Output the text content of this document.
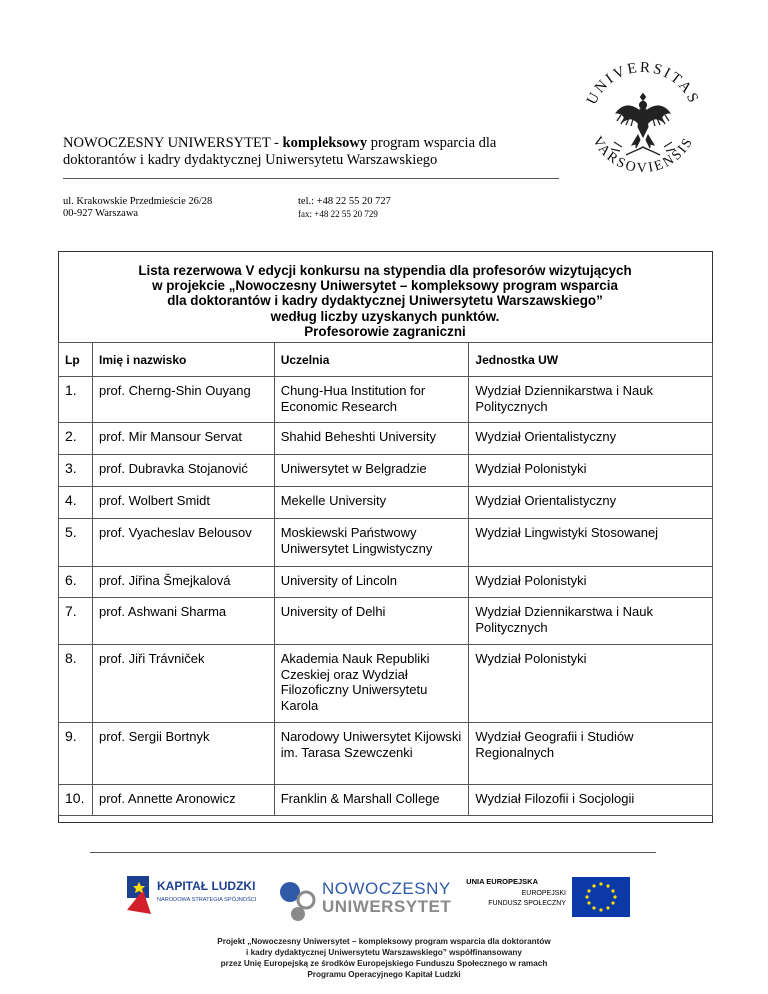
NOWOCZESNY UNIWERSYTET - kompleksowy program wsparcia dla doktorantów i kadry dydaktycznej Uniwersytetu Warszawskiego
ul. Krakowskie Przedmieście 26/28
00-927 Warszawa
tel.: +48 22 55 20 727
fax: +48 22 55 20 729
UNIVERSITAS
VARSOVIENSIS
Lista rezerwowa V edycji konkursu na stypendia dla profesorów wizytujących
w projekcie „Nowoczesny Uniwersytet – kompleksowy program wsparcia
dla doktorantów i kadry dydaktycznej Uniwersytetu Warszawskiego”
według liczby uzyskanych punktów.
Profesorowie zagraniczni
Lp	Imię i nazwisko	Uczelnia	Jednostka UW
1.	prof. Cherng-Shin Ouyang	Chung-Hua Institution for Economic Research	Wydział Dziennikarstwa i Nauk Politycznych
2.	prof. Mir Mansour Servat	Shahid Beheshti University	Wydział Orientalistyczny
3.	prof. Dubravka Stojanović	Uniwersytet w Belgradzie	Wydział Polonistyki
4.	prof. Wolbert Smidt	Mekelle University	Wydział Orientalistyczny
5.	prof. Vyacheslav Belousov	Moskiewski Państwowy Uniwersytet Lingwistyczny	Wydział Lingwistyki Stosowanej
6.	prof. Jiřina Šmejkalová	University of Lincoln	Wydział Polonistyki
7.	prof. Ashwani Sharma	University of Delhi	Wydział Dziennikarstwa i Nauk Politycznych
8.	prof. Jiři Trávniček	Akademia Nauk Republiki Czeskiej oraz Wydział Filozoficzny Uniwersytetu Karola	Wydział Polonistyki
9.	prof. Sergii Bortnyk	Narodowy Uniwersytet Kijowski im. Tarasa Szewczenki	Wydział Geografii i Studiów Regionalnych
10.	prof. Annette Aronowicz	Franklin & Marshall College	Wydział Filozofii i Socjologii
KAPITAŁ LUDZKI
NARODOWA STRATEGIA SPÓJNOŚCI
NOWOCZESNY
UNIWERSYTET
UNIA EUROPEJSKA
EUROPEJSKI
FUNDUSZ SPOŁECZNY
Projekt „Nowoczesny Uniwersytet – kompleksowy program wsparcia dla doktorantów
i kadry dydaktycznej Uniwersytetu Warszawskiego” współfinansowany
przez Unię Europejską ze środków Europejskiego Funduszu Społecznego w ramach
Programu Operacyjnego Kapitał Ludzki
